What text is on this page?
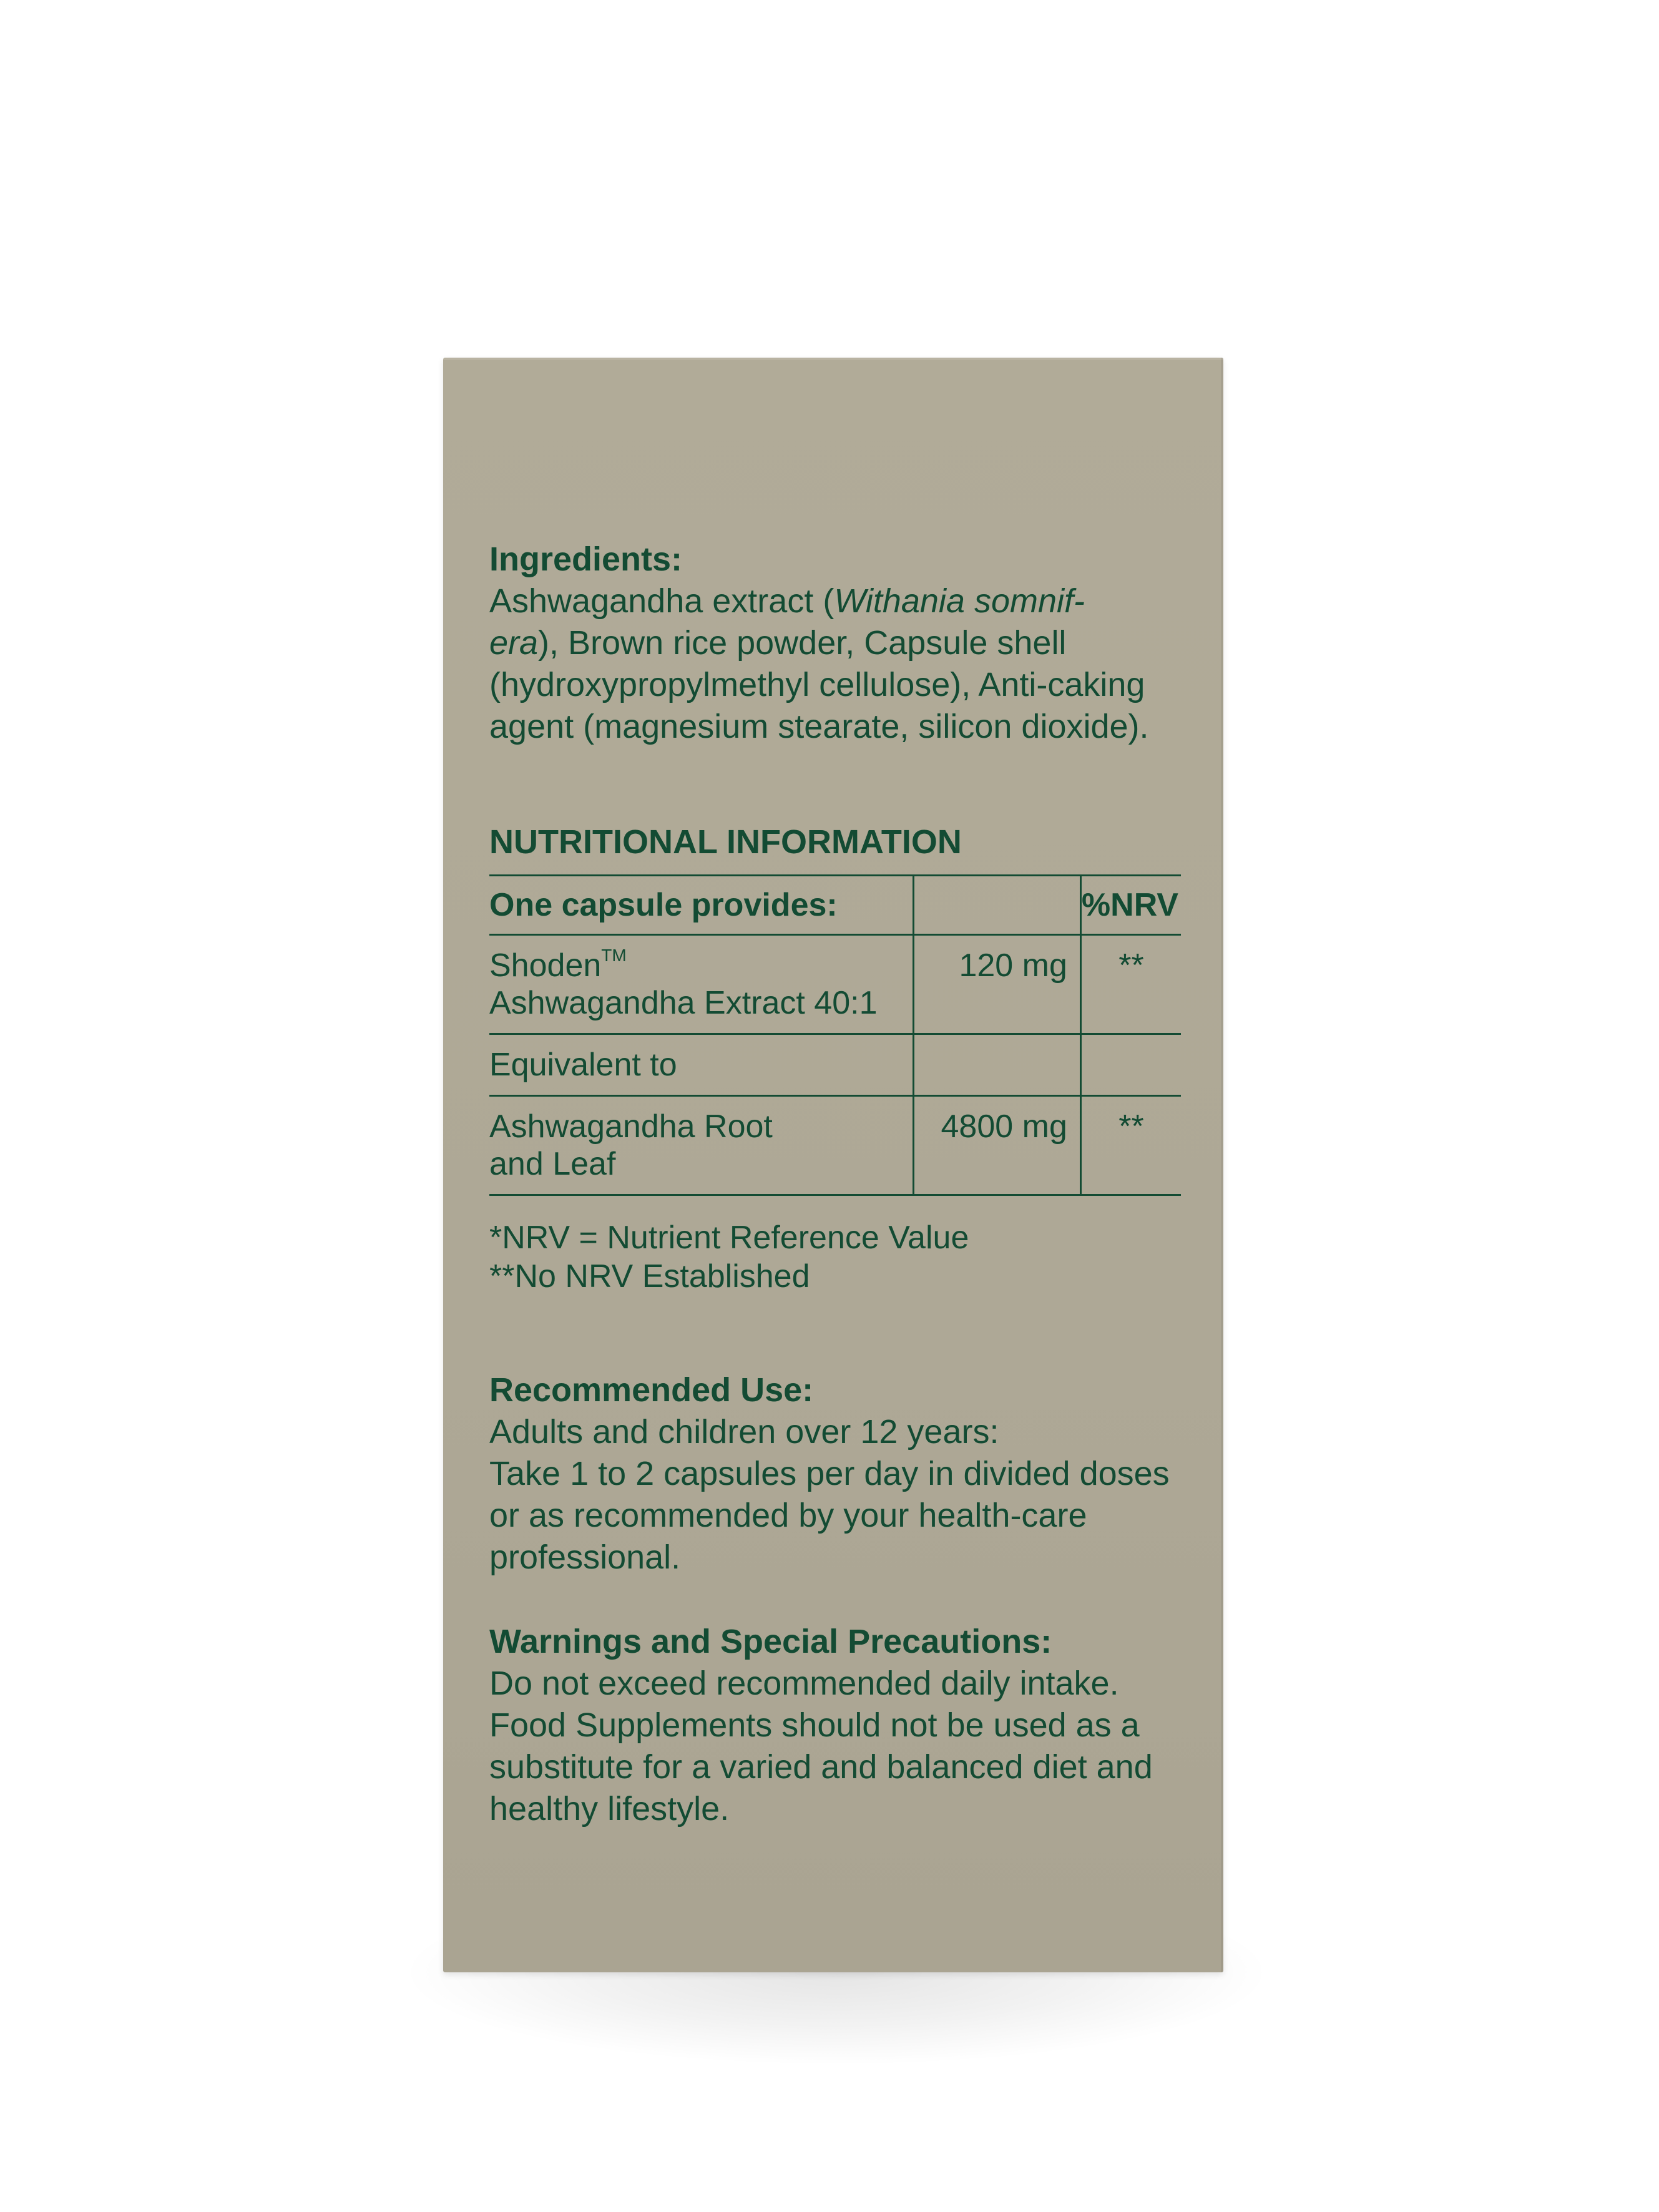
Ingredients:
Ashwagandha extract (Withania somnif-
era), Brown rice powder, Capsule shell (hydroxypropylmethyl cellulose), Anti-caking agent (magnesium stearate, silicon dioxide).
NUTRITIONAL INFORMATION
One capsule provides:		%NRV
Shoden™
Ashwagandha Extract 40:1	120 mg	**
Equivalent to		
Ashwagandha Root
and Leaf	4800 mg	**
*NRV = Nutrient Reference Value
**No NRV Established
Recommended Use:
Adults and children over 12 years:
Take 1 to 2 capsules per day in divided doses or as recommended by your health-care professional.
Warnings and Special Precautions:
Do not exceed recommended daily intake. Food Supplements should not be used as a substitute for a varied and balanced diet and healthy lifestyle.
